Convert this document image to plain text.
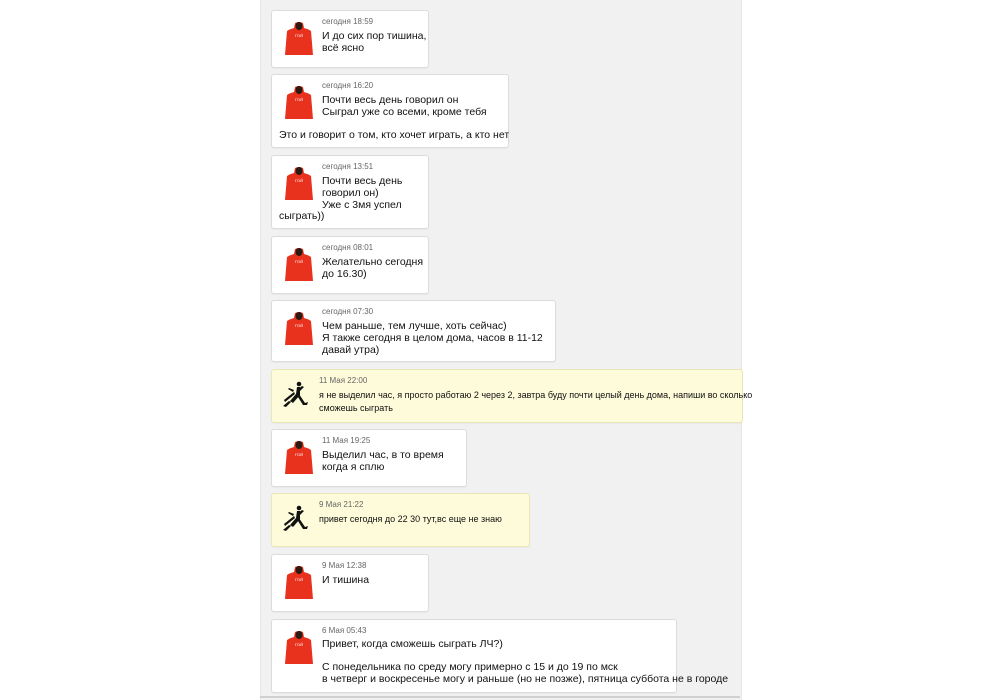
ГОЙ
сегодня 18:59
И до сих пор тишина,
всё ясно
ГОЙ
сегодня 16:20
Почти весь день говорил он
Сыграл уже со всеми, кроме тебя
Это и говорит о том, кто хочет играть, а кто нет
ГОЙ
сегодня 13:51
Почти весь день
говорил он)
Уже с 3мя успел
сыграть))
ГОЙ
сегодня 08:01
Желательно сегодня
до 16.30)
ГОЙ
сегодня 07:30
Чем раньше, тем лучше, хоть сейчас)
Я также сегодня в целом дома, часов в 11-12
давай утра)
11 Мая 22:00
я не выделил час, я просто работаю 2 через 2, завтра буду почти целый день дома, напиши во сколько
сможешь сыграть
ГОЙ
11 Мая 19:25
Выделил час, в то время
когда я сплю
9 Мая 21:22
привет сегодня до 22 30 тут,вс еще не знаю
ГОЙ
9 Мая 12:38
И тишина
ГОЙ
6 Мая 05:43
Привет, когда сможешь сыграть ЛЧ?)
С понедельника по среду могу примерно с 15 и до 19 по мск
в четверг и воскресенье могу и раньше (но не позже), пятница суббота не в городе
